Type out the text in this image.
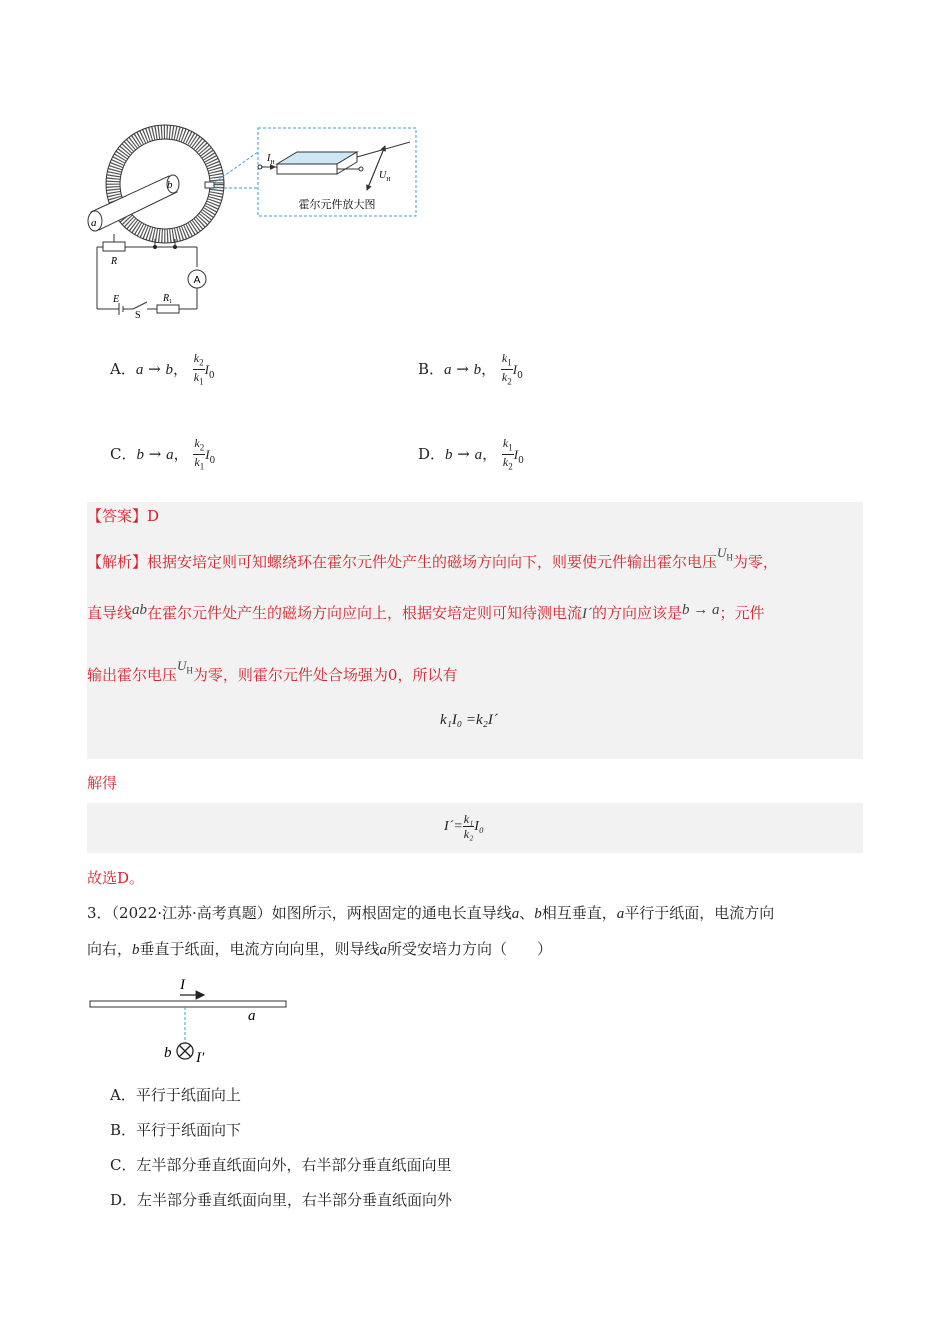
a
b
$I_H$
$U_H$
霍尔元件放大图
A
R
E
S
$R_1$
A．a → b， $\frac{k_2}{k_1} I_0$	B．a → b， $\frac{k_1}{k_2} I_0$
C．b → a， $\frac{k_2}{k_1} I_0$	D．b → a， $\frac{k_1}{k_2} I_0$
【答案】D
【解析】根据安培定则可知螺绕环在霍尔元件处产生的磁场方向向下，则要使元件输出霍尔电压$U_H$为零，
直导线ab在霍尔元件处产生的磁场方向应向上，根据安培定则可知待测电流I´的方向应该是b → a；元件
输出霍尔电压$U_H$为零，则霍尔元件处合场强为0，所以有
k₁I₀ =k₂I´
解得
I´= $\frac{\text{k₁}}{\text{k₂}} I_0$
故选D。
3．（2022·江苏·高考真题）如图所示，两根固定的通电长直导线a、b相互垂直，a平行于纸面，电流方向
向右，b垂直于纸面，电流方向向里，则导线a所受安培力方向（　　）
I
a
b I′
A．平行于纸面向上
B．平行于纸面向下
C．左半部分垂直纸面向外，右半部分垂直纸面向里
D．左半部分垂直纸面向里，右半部分垂直纸面向外
